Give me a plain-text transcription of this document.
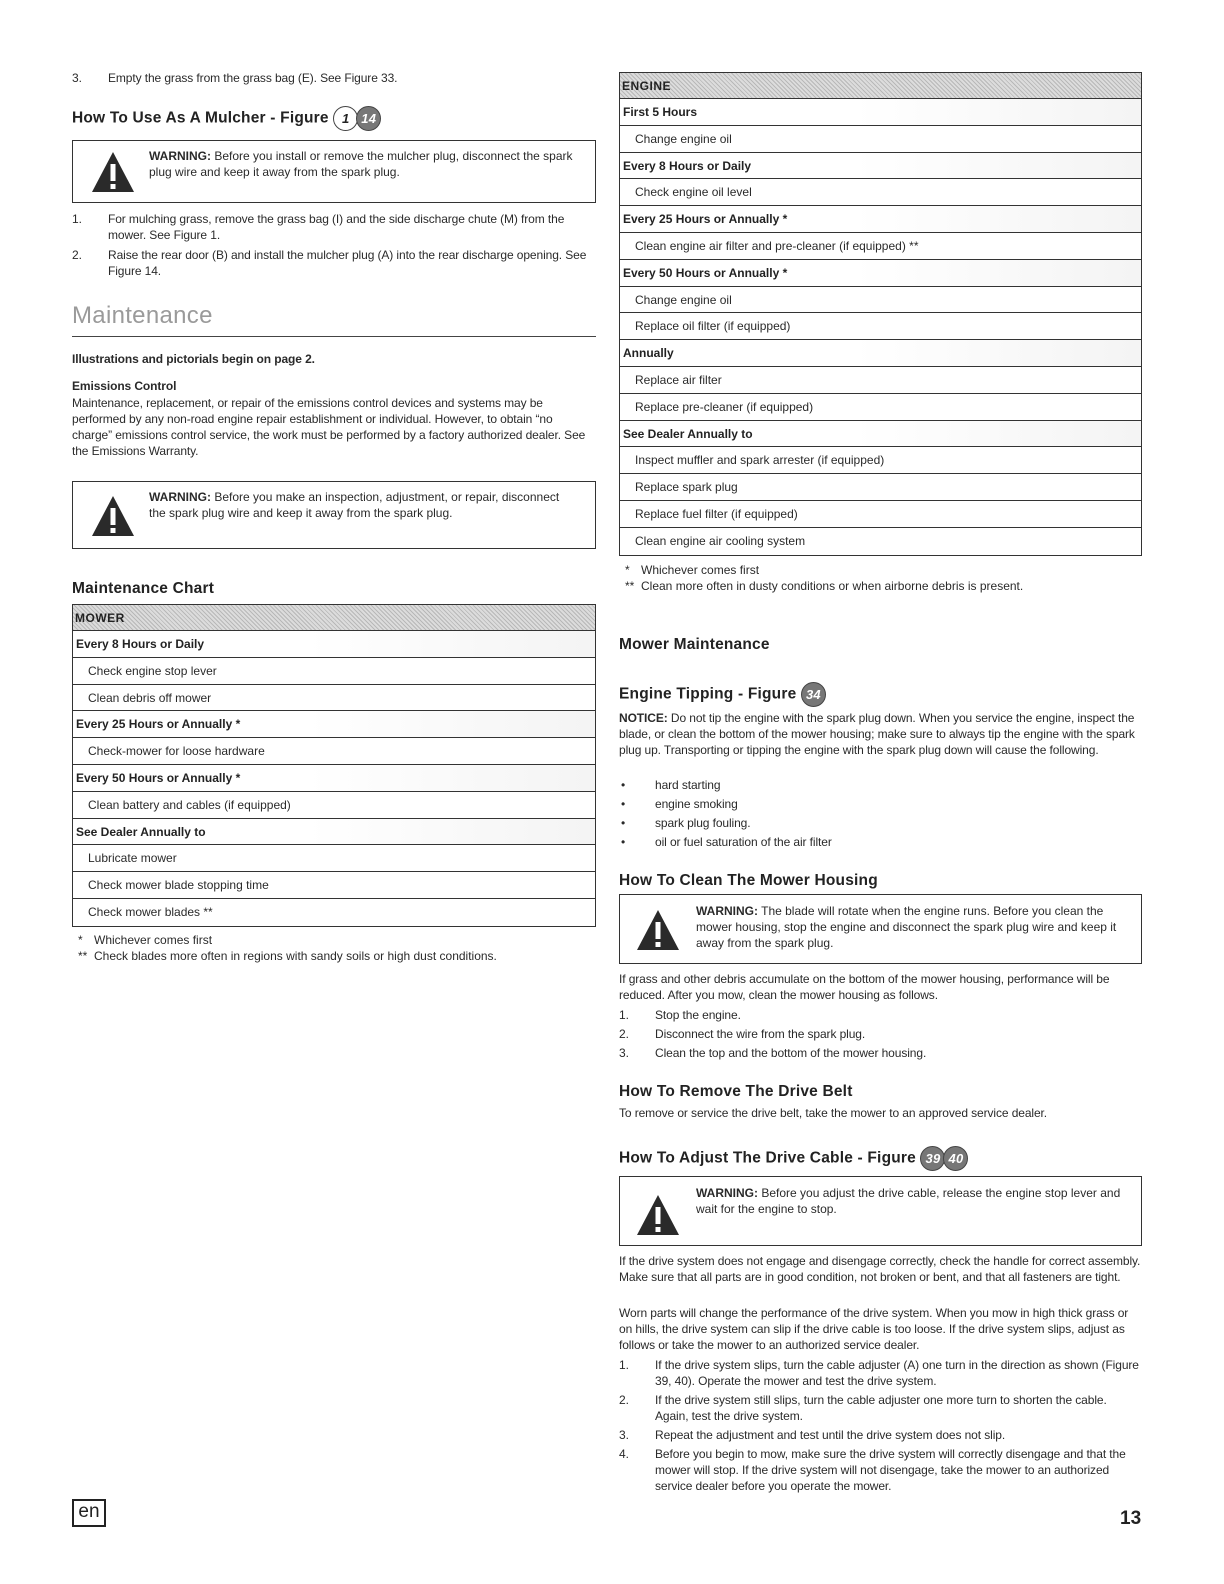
3.	Empty the grass from the grass bag (E). See Figure 33.
How To Use As A Mulcher - Figure	1 14
WARNING: Before you install or remove the mulcher plug, disconnect the spark plug wire and keep it away from the spark plug.
1.	For mulching grass, remove the grass bag (I) and the side discharge chute (M) from the mower. See Figure 1.
2.	Raise the rear door (B) and install the mulcher plug (A) into the rear discharge opening. See Figure 14.
Maintenance
Illustrations and pictorials begin on page 2.
Emissions Control
Maintenance, replacement, or repair of the emissions control devices and systems may be performed by any non-road engine repair establishment or individual. However, to obtain “no charge” emissions control service, the work must be performed by a factory authorized dealer. See the Emissions Warranty.
WARNING: Before you make an inspection, adjustment, or repair, disconnect the spark plug wire and keep it away from the spark plug.
Maintenance Chart
MOWER
Every 8 Hours or Daily
Check engine stop lever
Clean debris off mower
Every 25 Hours or Annually *
Check-mower for loose hardware
Every 50 Hours or Annually *
Clean battery and cables (if equipped)
See Dealer Annually to
Lubricate mower
Check mower blade stopping time
Check mower blades **
* Whichever comes first
** Check blades more often in regions with sandy soils or high dust conditions.
en
ENGINE
First 5 Hours
Change engine oil
Every 8 Hours or Daily
Check engine oil level
Every 25 Hours or Annually *
Clean engine air filter and pre-cleaner (if equipped) **
Every 50 Hours or Annually *
Change engine oil
Replace oil filter (if equipped)
Annually
Replace air filter
Replace pre-cleaner (if equipped)
See Dealer Annually to
Inspect muffler and spark arrester (if equipped)
Replace spark plug
Replace fuel filter (if equipped)
Clean engine air cooling system
* Whichever comes first
** Clean more often in dusty conditions or when airborne debris is present.
Mower Maintenance
Engine Tipping - Figure 34
NOTICE: Do not tip the engine with the spark plug down. When you service the engine, inspect the blade, or clean the bottom of the mower housing; make sure to always tip the engine with the spark plug up. Transporting or tipping the engine with the spark plug down will cause the following.
•	hard starting
•	engine smoking
•	spark plug fouling.
•	oil or fuel saturation of the air filter
How To Clean The Mower Housing
WARNING: The blade will rotate when the engine runs. Before you clean the mower housing, stop the engine and disconnect the spark plug wire and keep it away from the spark plug.
If grass and other debris accumulate on the bottom of the mower housing, performance will be reduced. After you mow, clean the mower housing as follows.
1.	Stop the engine.
2.	Disconnect the wire from the spark plug.
3.	Clean the top and the bottom of the mower housing.
How To Remove The Drive Belt
To remove or service the drive belt, take the mower to an approved service dealer.
How To Adjust The Drive Cable - Figure 39 40
WARNING: Before you adjust the drive cable, release the engine stop lever and wait for the engine to stop.
If the drive system does not engage and disengage correctly, check the handle for correct assembly. Make sure that all parts are in good condition, not broken or bent, and that all fasteners are tight.
Worn parts will change the performance of the drive system. When you mow in high thick grass or on hills, the drive system can slip if the drive cable is too loose. If the drive system slips, adjust as follows or take the mower to an authorized service dealer.
1.	If the drive system slips, turn the cable adjuster (A) one turn in the direction as shown (Figure 39, 40). Operate the mower and test the drive system.
2.	If the drive system still slips, turn the cable adjuster one more turn to shorten the cable. Again, test the drive system.
3.	Repeat the adjustment and test until the drive system does not slip.
4.	Before you begin to mow, make sure the drive system will correctly disengage and that the mower will stop. If the drive system will not disengage, take the mower to an authorized service dealer before you operate the mower.
13
